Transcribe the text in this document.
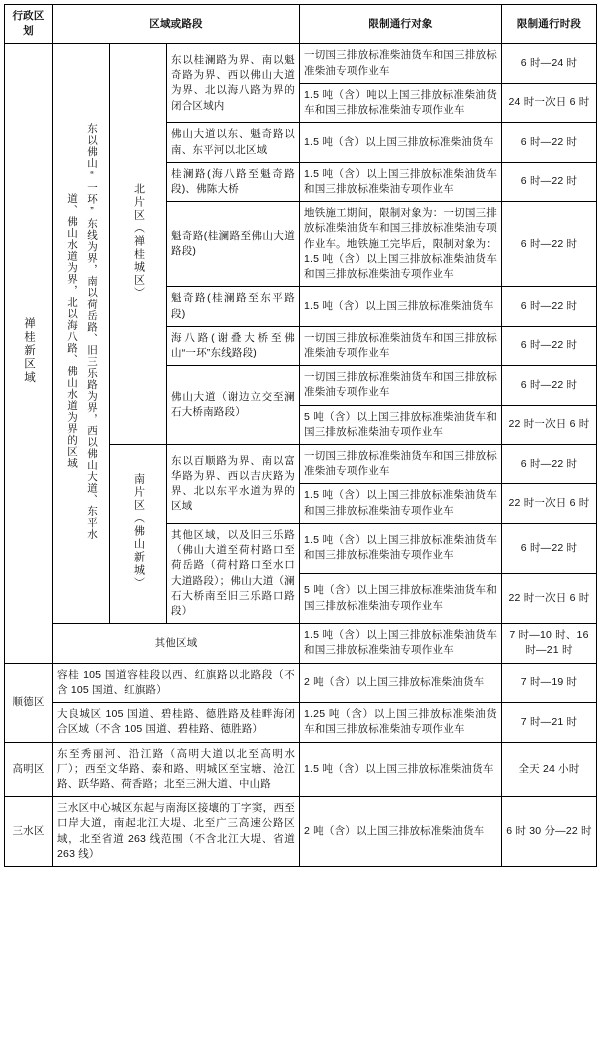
行政区划	区域或路段			限制通行对象	限制通行时段
禅桂新区域	东以佛山“一环”东线为界，南以荷岳路、旧三乐路为界，西以佛山大道、东平水道、佛山水道为界，北以海八路、佛山水道为界的区域	北片区（禅桂城区）	东以桂澜路为界、南以魁奇路为界、西以佛山大道为界、北以海八路为界的闭合区域内	一切国三排放标准柴油货车和国三排放标准柴油专项作业车	6 时—24 时
				1.5 吨（含）吨以上国三排放标准柴油货车和国三排放标准柴油专项作业车	24 时一次日 6 时
			佛山大道以东、魁奇路以南、东平河以北区域	1.5 吨（含）以上国三排放标准柴油货车	6 时—22 时
			桂澜路(海八路至魁奇路段)、佛陈大桥	1.5 吨（含）以上国三排放标准柴油货车和国三排放标准柴油专项作业车	6 时—22 时
			魁奇路(桂澜路至佛山大道路段)	地铁施工期间，限制对象为：一切国三排放标准柴油货车和国三排放标准柴油专项作业车。地铁施工完毕后，限制对象为：1.5 吨（含）以上国三排放标准柴油货车和国三排放标准柴油专项作业车	6 时—22 时
			魁奇路(桂澜路至东平路段)	1.5 吨（含）以上国三排放标准柴油货车	6 时—22 时
			海八路(谢叠大桥至佛山“一环”东线路段)	一切国三排放标准柴油货车和国三排放标准柴油专项作业车	6 时—22 时
			佛山大道（谢边立交至澜石大桥南路段）	一切国三排放标准柴油货车和国三排放标准柴油专项作业车	6 时—22 时
				5 吨（含）以上国三排放标准柴油货车和国三排放标准柴油专项作业车	22 时一次日 6 时
		南片区（佛山新城）	东以百顺路为界、南以富华路为界、西以吉庆路为界、北以东平水道为界的区域	一切国三排放标准柴油货车和国三排放标准柴油专项作业车	6 时—22 时
				1.5 吨（含）以上国三排放标准柴油货车和国三排放标准柴油专项作业车	22 时一次日 6 时
			其他区域，以及旧三乐路（佛山大道至荷村路口至荷岳路（荷村路口至水口大道路段）；佛山大道（澜石大桥南至旧三乐路口路段）	1.5 吨（含）以上国三排放标准柴油货车和国三排放标准柴油专项作业车	6 时—22 时
				5 吨（含）以上国三排放标准柴油货车和国三排放标准柴油专项作业车	22 时一次日 6 时
	其他区域			1.5 吨（含）以上国三排放标准柴油货车和国三排放标准柴油专项作业车	7 时—10 时、16 时—21 时
顺德区	容桂 105 国道容桂段以西、红旗路以北路段（不含 105 国道、红旗路）			2 吨（含）以上国三排放标准柴油货车	7 时—19 时
	大良城区 105 国道、碧桂路、德胜路及桂畔海闭合区域（不含 105 国道、碧桂路、德胜路）			1.25 吨（含）以上国三排放标准柴油货车和国三排放标准柴油专项作业车	7 时—21 时
高明区	东至秀丽河、沿江路（高明大道以北至高明水厂）；西至文华路、泰和路、明城区至宝塘、沧江路、跃华路、荷香路；北至三洲大道、中山路			1.5 吨（含）以上国三排放标准柴油货车	全天 24 小时
三水区	三水区中心城区东起与南海区接壤的丁字窦，西至口岸大道，南起北江大堤、北至广三高速公路区域，北至省道 263 线范围（不含北江大堤、省道 263 线）			2 吨（含）以上国三排放标准柴油货车	6 时 30 分—22 时
